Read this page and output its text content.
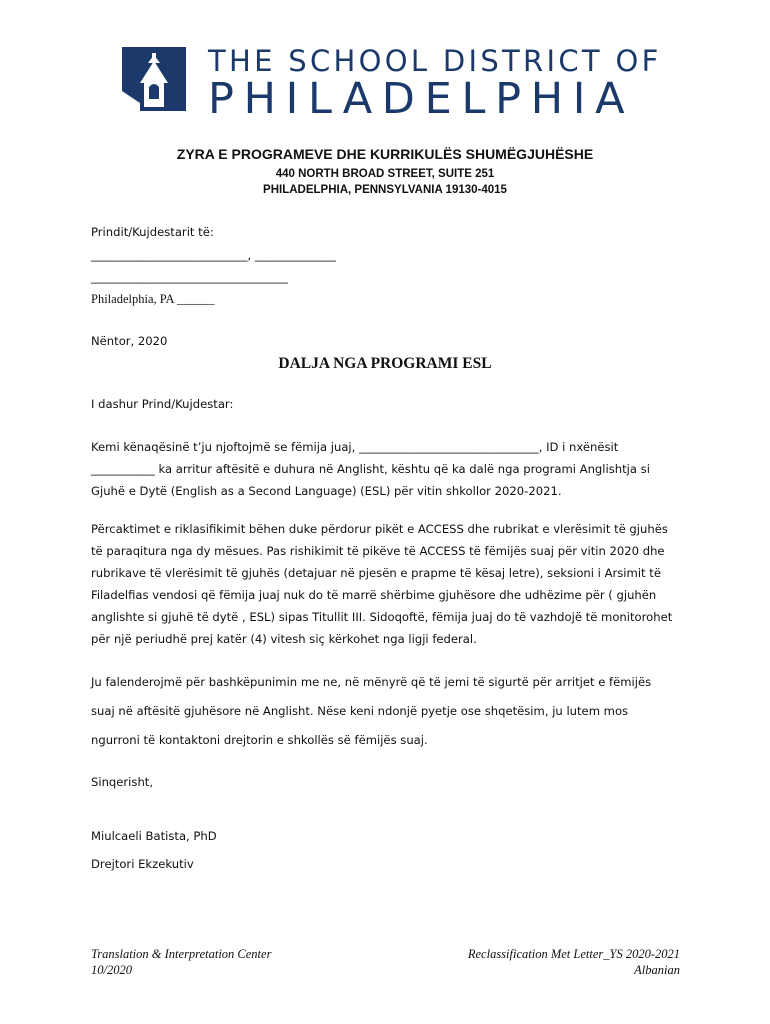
THE SCHOOL DISTRICT OF
PHILADELPHIA
ZYRA E PROGRAMEVE DHE KURRIKULËS SHUMËGJUHËSHE
440 NORTH BROAD STREET, SUITE 251
PHILADELPHIA, PENNSYLVANIA 19130-4015
Prindit/Kujdestarit të:
___________________________, ______________
__________________________________
Philadelphia, PA ______
Nëntor, 2020
DALJA NGA PROGRAMI ESL
I dashur Prind/Kujdestar:
Kemi kënaqësinë t’ju njoftojmë se fëmija juaj, _______________________________, ID i nxënësit
___________ ka arritur aftësitë e duhura në Anglisht, kështu që ka dalë nga programi Anglishtja si
Gjuhë e Dytë (English as a Second Language) (ESL) për vitin shkollor 2020-2021.
Përcaktimet e riklasifikimit bëhen duke përdorur pikët e ACCESS dhe rubrikat e vlerësimit të gjuhës
të paraqitura nga dy mësues. Pas rishikimit të pikëve të ACCESS të fëmijës suaj për vitin 2020 dhe
rubrikave të vlerësimit të gjuhës (detajuar në pjesën e prapme të kësaj letre), seksioni i Arsimit të
Filadelfias vendosi që fëmija juaj nuk do të marrë shërbime gjuhësore dhe udhëzime për ( gjuhën
anglishte si gjuhë të dytë , ESL) sipas Titullit III. Sidoqoftë, fëmija juaj do të vazhdojë të monitorohet
për një periudhë prej katër (4) vitesh siç kërkohet nga ligji federal.
Ju falenderojmë për bashkëpunimin me ne, në mënyrë që të jemi të sigurtë për arritjet e fëmijës
suaj në aftësitë gjuhësore në Anglisht. Nëse keni ndonjë pyetje ose shqetësim, ju lutem mos
ngurroni të kontaktoni drejtorin e shkollës së fëmijës suaj.
Sinqerisht,
Miulcaeli Batista, PhD
Drejtori Ekzekutiv
Translation & Interpretation Center
10/2020
Reclassification Met Letter_YS 2020-2021
Albanian
